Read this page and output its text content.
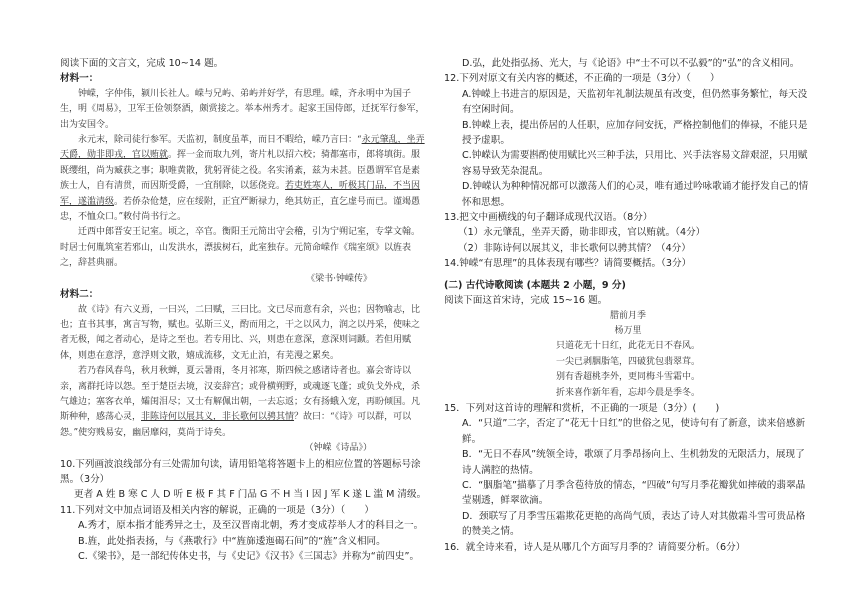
阅读下面的文言文，完成 10~14 题。

材料一：

钟嵘，字仲伟，颍川长社人。嵘与兄屿、弟屿并好学，有思理。嵘，齐永明中为国子生，明《周易》，卫军王俭领祭酒，颇赏接之。举本州秀才。起家王国侍郎，迁抚军行参军，出为安国令。

永元末，除司徒行参军。天监初，制度虽革，而日不暇给，嵘乃言曰：“永元肇乱，坐弄天爵，勋非即戎，官以贿就。挥一金而取九列，寄片札以招六校；骑都塞市，郎将填街。服既缨组，尚为臧获之事；职唯黄散，犹躬胥徒之役。名实淆紊，兹为未甚。臣愚谓军官是素族士人，自有清贯，而因斯受爵，一宜削除，以惩侥竞。若吏姓寒人，听极其门品，不当因军，遂滥清级。若侨杂伧楚，应在绥附，正宜严断禄力，绝其妨正，直乞虚号而已。谨竭愚忠，不恤众口。”敕付尚书行之。

迁西中郎晋安王记室。顷之，卒官。衡阳王元简出守会稽，引为宁朔记室，专掌文翰。时居士何胤筑室若邪山，山发洪水，漂拔树石，此室独存。元简命嵘作《瑞室颂》以旌表之，辞甚典丽。

《梁书·钟嵘传》

材料二：

故《诗》有六义焉，一曰兴，二曰赋，三曰比。文已尽而意有余，兴也；因物喻志，比也；直书其事，寓言写物，赋也。弘斯三义，酌而用之，干之以风力，润之以丹采，使味之者无极，闻之者动心，是诗之至也。若专用比、兴，则患在意深，意深则词踬。若但用赋体，则患在意浮，意浮则文散，嬉成流移，文无止泊，有芜漫之累矣。

若乃春风春鸟，秋月秋蝉，夏云暑雨，冬月祁寒，斯四候之感诸诗者也。嘉会寄诗以亲，离群托诗以怨。至于楚臣去境，汉妾辞宫；或骨横朔野，或魂逐飞蓬；或负戈外戍，杀气雄边；塞客衣单，孀闺泪尽；又士有解佩出朝，一去忘返；女有扬蛾入宠，再盼倾国。凡斯种种，感荡心灵，非陈诗何以展其义，非长歌何以骋其情？故曰：“《诗》可以群，可以怨。”使穷贱易安，幽居靡闷，莫尚于诗矣。

（钟嵘《诗品》）

10.下列画波浪线部分有三处需加句读，请用铅笔将答题卡上的相应位置的答题标号涂黑。（3分）

更者 A 姓 B 寒 C 人 D 听 E 极 F 其 F 门品 G 不 H 当 I 因 J 军 K 遂 L 滥 M 清级。

11.下列对文中加点词语及相关内容的解说，正确的一项是（3分）（　　）

A.秀才，原本指才能秀异之士，及至汉晋南北朝，秀才变成荐举人才的科目之一。

B.旌，此处指表扬，与《燕歌行》中“旌旆逶迤碣石间”的“旌”含义相同。

C.《梁书》，是一部纪传体史书，与《史记》《汉书》《三国志》并称为“前四史”。

D.弘，此处指弘扬、光大，与《论语》中“士不可以不弘毅”的“弘”的含义相同。

12.下列对原文有关内容的概述，不正确的一项是（3分）（　　）

A.钟嵘上书进言的原因是，天监初年礼制法规虽有改变，但仍然事务繁忙，每天没有空闲时间。

B.钟嵘上表，提出侨居的人任职，应加存问安抚，严格控制他们的俸禄，不能只是授予虚职。

C.钟嵘认为需要斟酌使用赋比兴三种手法，只用比、兴手法容易文辞艰涩，只用赋容易导致芜杂混乱。

D.钟嵘认为种种情况都可以激荡人们的心灵，唯有通过吟咏歌诵才能抒发自己的情怀和思想。

13.把文中画横线的句子翻译成现代汉语。（8分）

（1）永元肇乱，坐弄天爵，勋非即戎，官以贿就。（4分）

（2）非陈诗何以展其义，非长歌何以骋其情？（4分）

14.钟嵘“有思理”的具体表现有哪些？请简要概括。（3分）

(二) 古代诗歌阅读 (本题共 2 小题，9 分)

阅读下面这首宋诗，完成 15~16 题。

腊前月季

杨万里

只道花无十日红，此花无日不春风。

一尖已剥胭脂笔，四破犹包翡翠茸。

别有香超桃李外，更同梅斗雪霜中。

折来喜作新年看，忘却今晨是季冬。

15．下列对这首诗的理解和赏析，不正确的一项是（3分）(　　)

A．“只道”二字，否定了“花无十日红”的世俗之见，使诗句有了新意，读来倍感新鲜。

B．“无日不春风”统领全诗，歌颂了月季昂扬向上、生机勃发的无限活力，展现了诗人满腔的热情。

C．“胭脂笔”描摹了月季含苞待放的情态，“四破”句写月季花瓣犹如摔破的翡翠晶莹剔透，鲜翠欲滴。

D．颈联写了月季雪压霜欺花更艳的高尚气质，表达了诗人对其傲霜斗雪可贵品格的赞美之情。

16．就全诗来看，诗人是从哪几个方面写月季的？请简要分析。（6分）
